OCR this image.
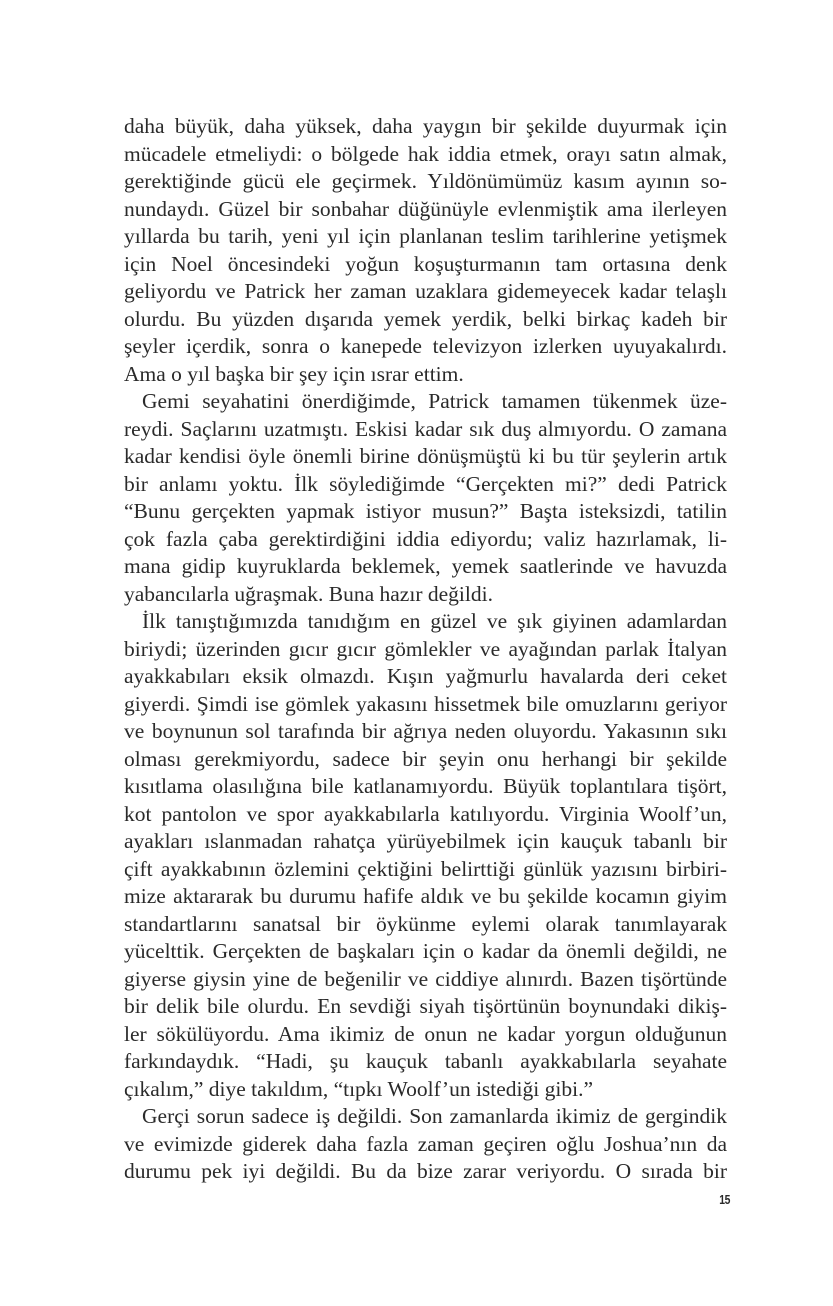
daha büyük, daha yüksek, daha yaygın bir şekilde duyurmak için
mücadele etmeliydi: o bölgede hak iddia etmek, orayı satın almak,
gerektiğinde gücü ele geçirmek. Yıldönümümüz kasım ayının so-
nundaydı. Güzel bir sonbahar düğünüyle evlenmiştik ama ilerleyen
yıllarda bu tarih, yeni yıl için planlanan teslim tarihlerine yetişmek
için Noel öncesindeki yoğun koşuşturmanın tam ortasına denk
geliyordu ve Patrick her zaman uzaklara gidemeyecek kadar telaşlı
olurdu. Bu yüzden dışarıda yemek yerdik, belki birkaç kadeh bir
şeyler içerdik, sonra o kanepede televizyon izlerken uyuyakalırdı.
Ama o yıl başka bir şey için ısrar ettim.
Gemi seyahatini önerdiğimde, Patrick tamamen tükenmek üze-
reydi. Saçlarını uzatmıştı. Eskisi kadar sık duş almıyordu. O zamana
kadar kendisi öyle önemli birine dönüşmüştü ki bu tür şeylerin artık
bir anlamı yoktu. İlk söylediğimde “Gerçekten mi?” dedi Patrick
“Bunu gerçekten yapmak istiyor musun?” Başta isteksizdi, tatilin
çok fazla çaba gerektirdiğini iddia ediyordu; valiz hazırlamak, li-
mana gidip kuyruklarda beklemek, yemek saatlerinde ve havuzda
yabancılarla uğraşmak. Buna hazır değildi.
İlk tanıştığımızda tanıdığım en güzel ve şık giyinen adamlardan
biriydi; üzerinden gıcır gıcır gömlekler ve ayağından parlak İtalyan
ayakkabıları eksik olmazdı. Kışın yağmurlu havalarda deri ceket
giyerdi. Şimdi ise gömlek yakasını hissetmek bile omuzlarını geriyor
ve boynunun sol tarafında bir ağrıya neden oluyordu. Yakasının sıkı
olması gerekmiyordu, sadece bir şeyin onu herhangi bir şekilde
kısıtlama olasılığına bile katlanamıyordu. Büyük toplantılara tişört,
kot pantolon ve spor ayakkabılarla katılıyordu. Virginia Woolf’un,
ayakları ıslanmadan rahatça yürüyebilmek için kauçuk tabanlı bir
çift ayakkabının özlemini çektiğini belirttiği günlük yazısını birbiri-
mize aktararak bu durumu hafife aldık ve bu şekilde kocamın giyim
standartlarını sanatsal bir öykünme eylemi olarak tanımlayarak
yücelttik. Gerçekten de başkaları için o kadar da önemli değildi, ne
giyerse giysin yine de beğenilir ve ciddiye alınırdı. Bazen tişörtünde
bir delik bile olurdu. En sevdiği siyah tişörtünün boynundaki dikiş-
ler sökülüyordu. Ama ikimiz de onun ne kadar yorgun olduğunun
farkındaydık. “Hadi, şu kauçuk tabanlı ayakkabılarla seyahate
çıkalım,” diye takıldım, “tıpkı Woolf’un istediği gibi.”
Gerçi sorun sadece iş değildi. Son zamanlarda ikimiz de gergindik
ve evimizde giderek daha fazla zaman geçiren oğlu Joshua’nın da
durumu pek iyi değildi. Bu da bize zarar veriyordu. O sırada bir
15
